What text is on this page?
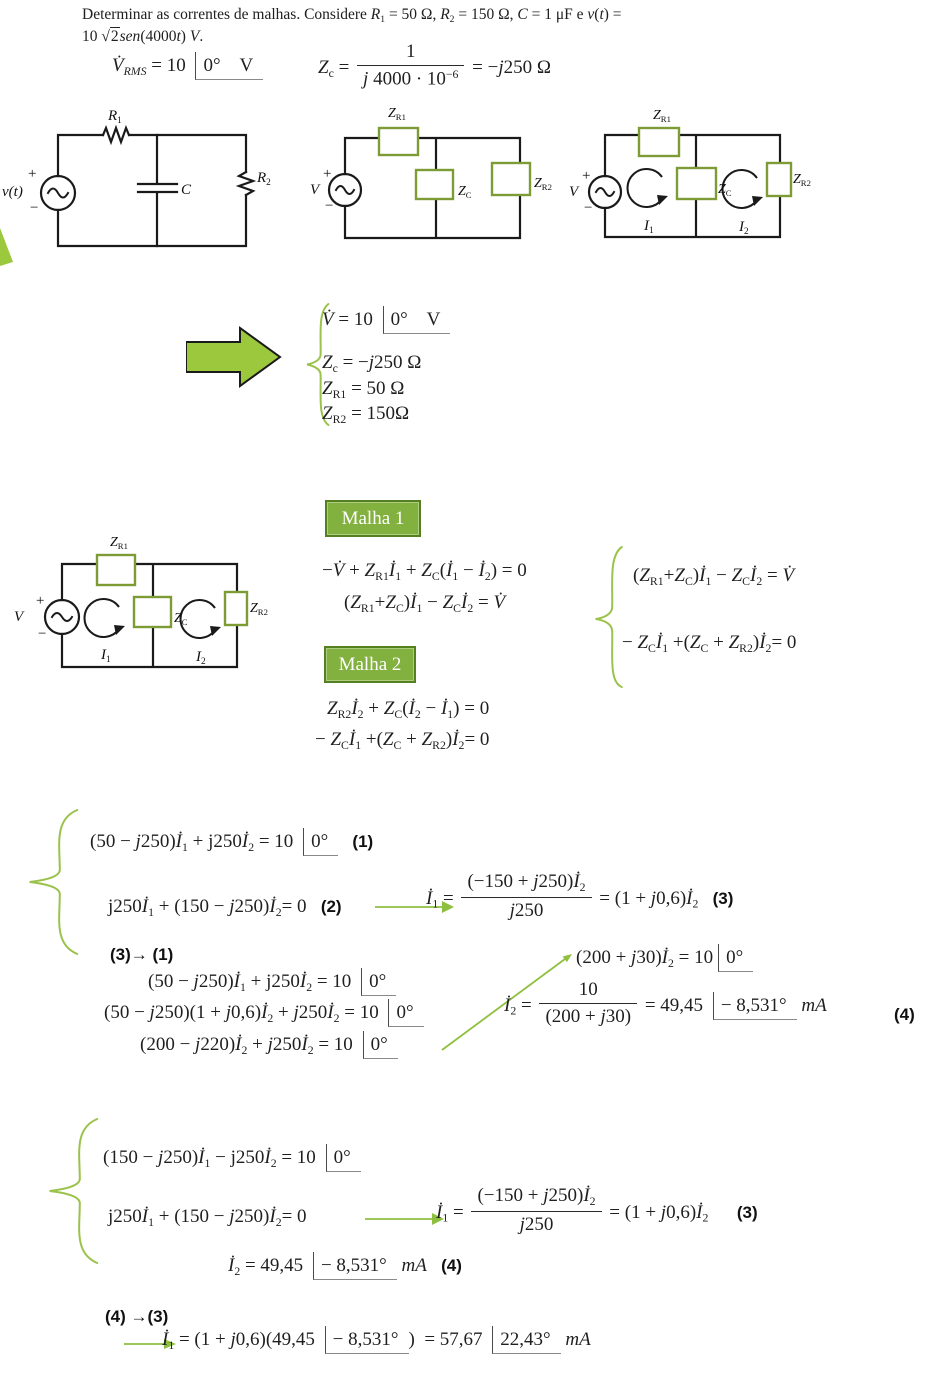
Determinar as correntes de malhas. Considere $R_1 = 50$ Ω, $R_2 = 150$ Ω, C = 1 μF e v(t) =
10 √2sen(4000t) V.
$V̇_{RMS} = 10$ 0°    V	$Z_c = \frac{1}{j 4000 \cdot 10^{-6}} = -j250$ Ω
$R_1$
C
$R_2$
v(t)
+
−
$Z_{R1}$
$Z_C$
$Z_{R2}$
V
+
−
$Z_{R1}$
$Z_C$
$Z_{R2}$
V
+
−
$I_1$	$I_2$
V̇ = 10 0°    V
$Z_c = -j250$ Ω
$Z_{R1} = 50$ Ω
$Z_{R2} = 150\Omega$
$Z_{R1}$
$Z_C$
$Z_{R2}$
V
+
−
$I_1$	$I_2$
Malha 1
−V̇ + $Z_{R1}İ_1$ + $Z_C(İ_1$ − $İ_2) = 0$
$(Z_{R1}+Z_C)İ_1$ − $Z_Cİ_2$ = V̇
$(Z_{R1}+Z_C)İ_1$ − $Z_Cİ_2$ = V̇
− $Z_Cİ_1 +(Z_C$ + $Z_{R2})İ_2= 0$
Malha 2
$Z_{R2}İ_2$ + $Z_C(İ_2$ − $İ_1) = 0$
− $Z_Cİ_1 +(Z_C$ + $Z_{R2})İ_2= 0$
$(50 - j250)İ_1$ + $j250İ_2 = 10$ 0° (1)
$j250İ_1 + (150$ − $j250)İ_2= 0$   (2)	$İ_1 = \frac{(-150 + j250)İ_2}{j250} = (1$ + $j0,6)İ_2$ (3)
(3)→ (1)
$(50 - j250)İ_1$ + $j250İ_2 = 10$ 0°
$(50 - j250)(1 + j0,6)İ_2$ + $j250İ_2 = 10$ 0°
$(200 - j220)İ_2$ + $j250İ_2 = 10$ 0°
$(200 + j30)İ_2 = 10$ 0°
$İ_2 = \frac{10}{(200 + j30)} = 49,45 - 8,531^\circ$ mA	(4)
$(150 - j250)İ_1$ − $j250İ_2 = 10$ 0°
$j250İ_1 + (150$ − $j250)İ_2= 0$	$İ_1 = \frac{(-150 + j250)İ_2}{j250} = (1$ + $j0,6)İ_2$ (3)
$İ_2 = 49,45 - 8,531^\circ$ mA (4)
(4) →(3)
$İ_1 = (1 + j0,6)(49,45 - 8,531^\circ$ )  = 57,67 22,43° mA
